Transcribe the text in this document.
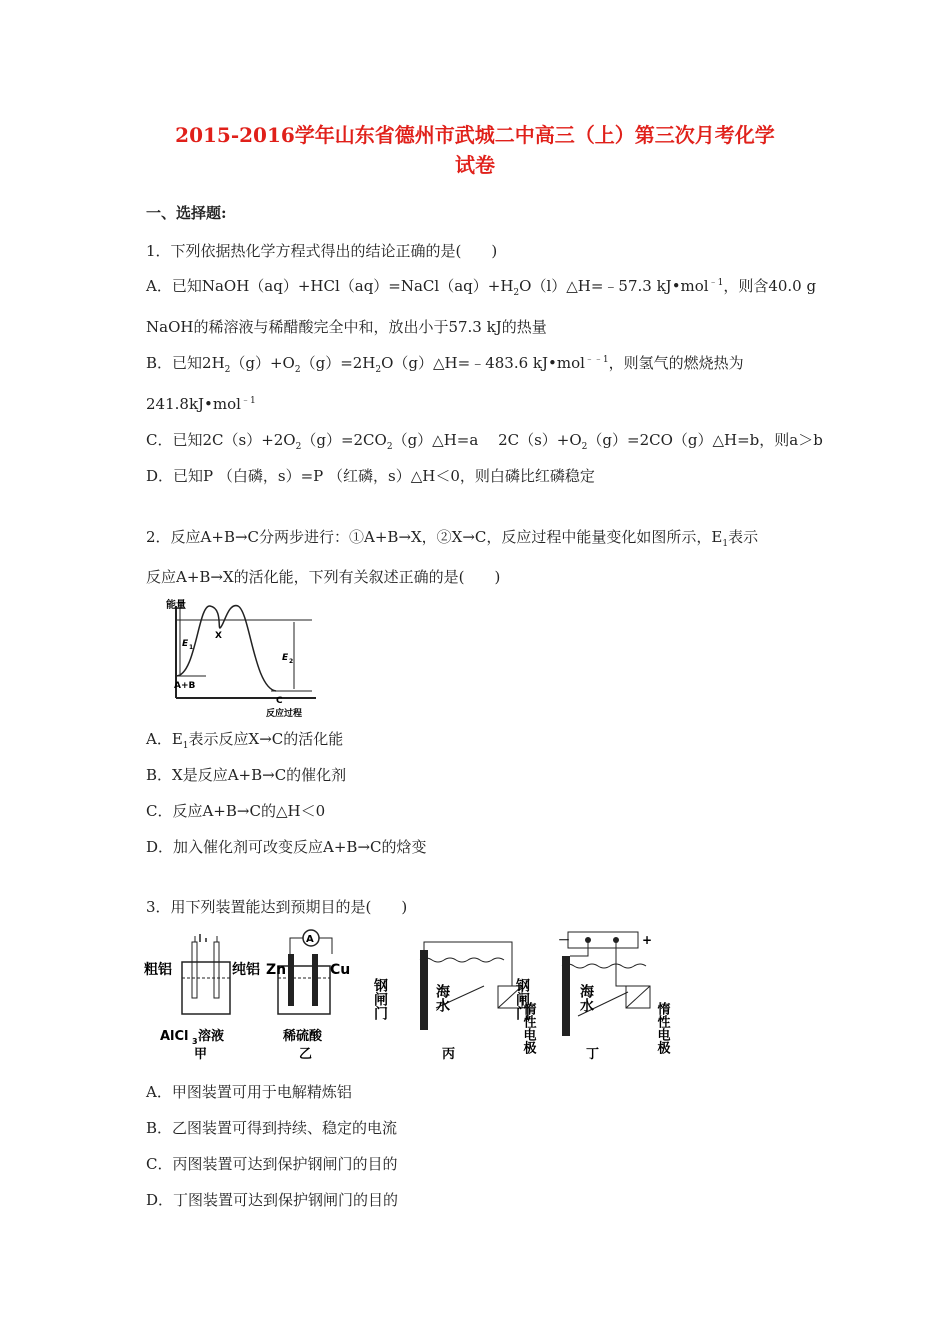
2015-2016学年山东省德州市武城二中高三（上）第三次月考化学
试卷
一、选择题:
1．下列依据热化学方程式得出的结论正确的是(　　)
A．已知$NaOH(aq)+HCl(aq)=NaCl(aq)+H_2O(l)\triangle H=﹣57.3$ kJ•mol$^{﹣1}$，则含40.0 g
NaOH的稀溶液与稀醋酸完全中和，放出小于57.3 kJ的热量
B．已知$2H_2(g)+O_2(g)=2H_2O(g)\triangle H=﹣483.6$ kJ•mol$^{﹣﹣1}$，则氢气的燃烧热为
241.8kJ•mol$^{﹣1}$
C．已知$2C(s)+2O_2(g)=2CO_2(g)\triangle H=a$　 $2C(s)+O_2(g)=2CO(g)\triangle H=b$，则a＞b
D．已知P （白磷，s）=P （红磷，s）△H＜0，则白磷比红磷稳定
2．反应A+B→C分两步进行：①A+B→X，②X→C，反应过程中能量变化如图所示，$E_1$表示
反应A+B→X的活化能，下列有关叙述正确的是(　　)
能量
E 1
E 2
X
A+B
C
反应过程
A．$E_1$表示反应X→C的活化能
B．X是反应A+B→C的催化剂
C．反应A+B→C的△H＜0
D．加入催化剂可改变反应A+B→C的焓变
3．用下列装置能达到预期目的是(　　)
粗铝	纯铝
AlCl 3 溶液
甲
A
Zn	Cu
稀硫酸
乙
钢闸门	海水
惰性电极
丙
－	+
钢闸门	海水
惰性电极
丁
A．甲图装置可用于电解精炼铝
B．乙图装置可得到持续、稳定的电流
C．丙图装置可达到保护钢闸门的目的
D．丁图装置可达到保护钢闸门的目的
